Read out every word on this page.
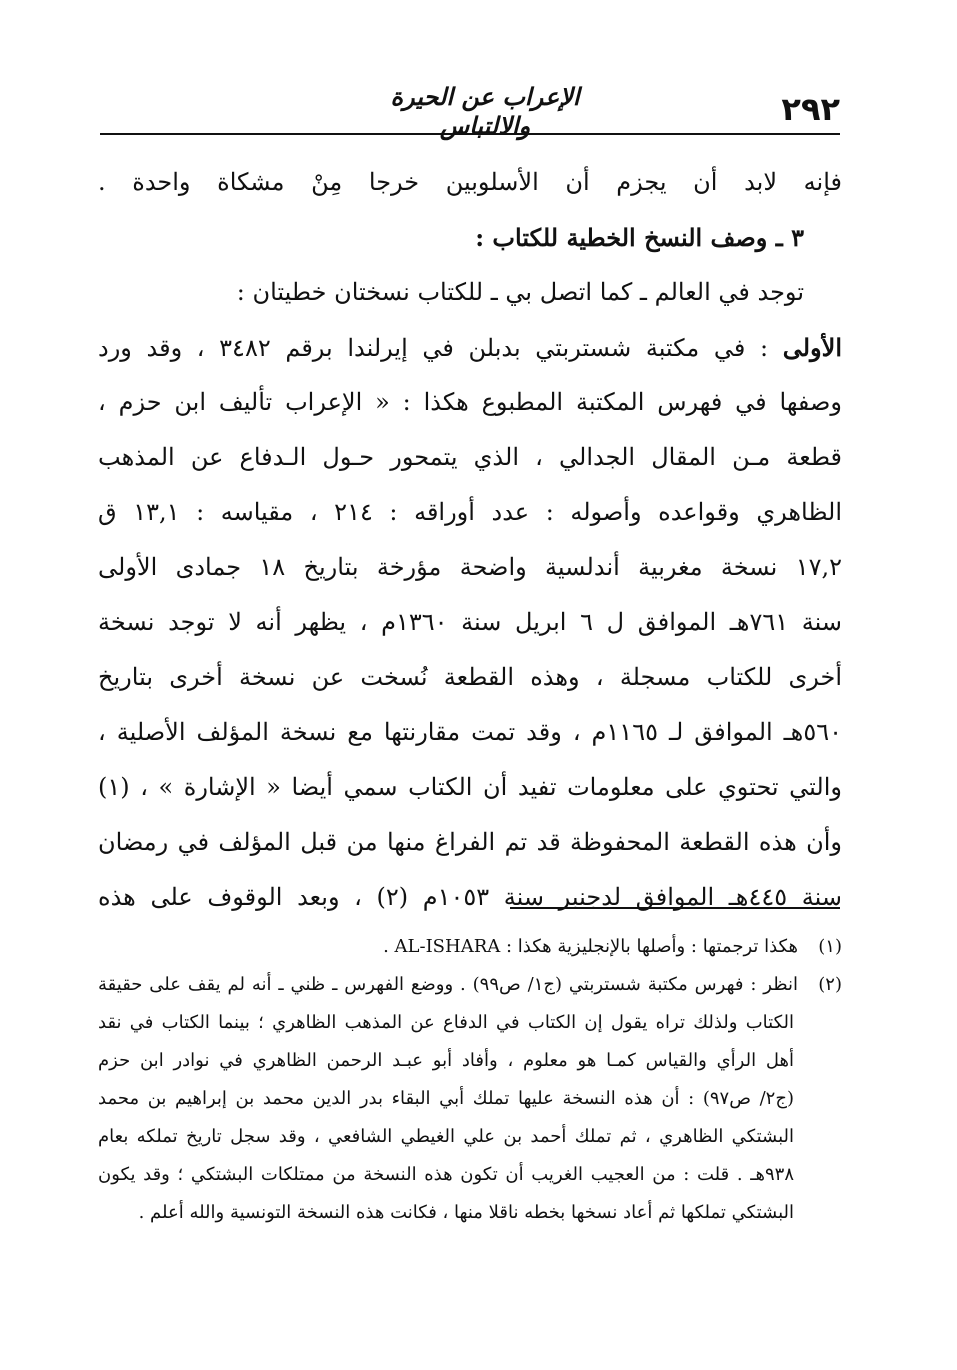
٢٩٢
الإعراب عن الحيرة والالتباس
فإنه لابد أن يجزم أن الأسلوبين خرجا مِنْ مشكاة واحدة .
٣ ـ وصف النسخ الخطية للكتاب :
توجد في العالم ـ كما اتصل بي ـ للكتاب نسختان خطيتان :
الأولى : في مكتبة شستربتي بدبلن في إيرلندا برقم ٣٤٨٢ ، وقد ورد
وصفها في فهرس المكتبة المطبوع هكذا : « الإعراب تأليف ابن حزم ،
قطعة مـن المقال الجدالي ، الذي يتمحور حـول الـدفاع عن المذهب
الظاهري وقواعده وأصوله : عدد أوراقه : ٢١٤ ، مقياسه : ١٣,١ ق
١٧,٢ نسخة مغربية أندلسية واضحة مؤرخة بتاريخ ١٨ جمادى الأولى
سنة ٧٦١هـ الموافق ل ٦ ابريل سنة ١٣٦٠م ، يظهر أنه لا توجد نسخة
أخرى للكتاب مسجلة ، وهذه القطعة نُسخت عن نسخة أخرى بتاريخ
٥٦٠هـ الموافق لـ ١١٦٥م ، وقد تمت مقارنتها مع نسخة المؤلف الأصلية ،
والتي تحتوي على معلومات تفيد أن الكتاب سمي أيضا « الإشارة » ، (١)
وأن هذه القطعة المحفوظة قد تم الفراغ منها من قبل المؤلف في رمضان
سنة ٤٤٥هـ الموافق لدجنبر سنة ١٠٥٣م (٢) ، وبعد الوقوف على هذه
(١)هكذا ترجمتها : وأصلها بالإنجليزية هكذا : AL-ISHARA .
(٢)انظر : فهرس مكتبة شستربتي (ج١/ ص٩٩) . ووضع الفهرس ـ ظني ـ أنه لم يقف على حقيقة
الكتاب ولذلك تراه يقول إن الكتاب في الدفاع عن المذهب الظاهري ؛ بينما الكتاب في نقد
أهل الرأي والقياس كمـا هو معلوم ، وأفاد أبو عبـد الرحمن الظاهري في نوادر ابن حزم
(ج٢/ ص٩٧) : أن هذه النسخة عليها تملك أبي البقاء بدر الدين محمد بن إبراهيم بن محمد
البشتكي الظاهري ، ثم تملك أحمد بن علي الغيطي الشافعي ، وقد سجل تاريخ تملكه بعام
٩٣٨هـ . قلت : من العجيب الغريب أن تكون هذه النسخة من ممتلكات البشتكي ؛ وقد يكون
البشتكي تملكها ثم أعاد نسخها بخطه ناقلا منها ، فكانت هذه النسخة التونسية والله أعلم .
